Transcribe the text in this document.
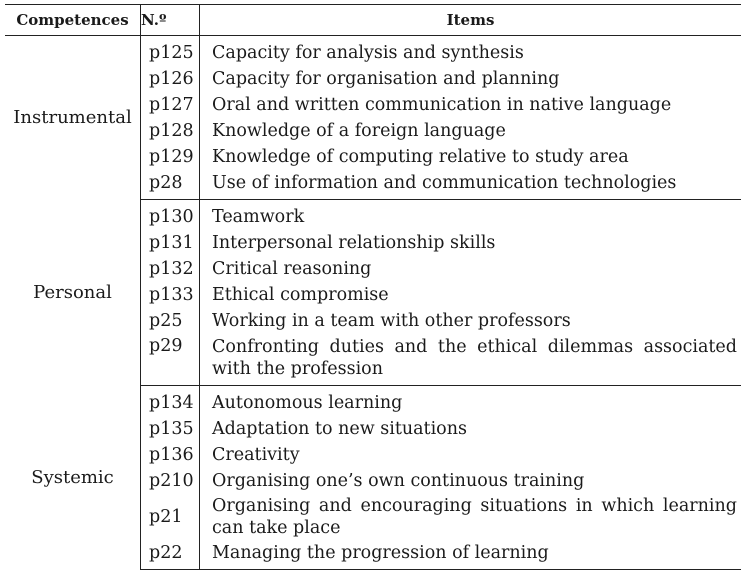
Competences	N.º	Items
Instrumental	p125	Capacity for analysis and synthesis
	p126	Capacity for organisation and planning
	p127	Oral and written communication in native language
	p128	Knowledge of a foreign language
	p129	Knowledge of computing relative to study area
	p28	Use of information and communication technologies
Personal	p130	Teamwork
	p131	Interpersonal relationship skills
	p132	Critical reasoning
	p133	Ethical compromise
	p25	Working in a team with other professors
	p29	Confronting duties and the ethical dilemmas associated with the profession
Systemic	p134	Autonomous learning
	p135	Adaptation to new situations
	p136	Creativity
	p210	Organising one’s own continuous training
	p21	Organising and encouraging situations in which learning can take place
	p22	Managing the progression of learning
